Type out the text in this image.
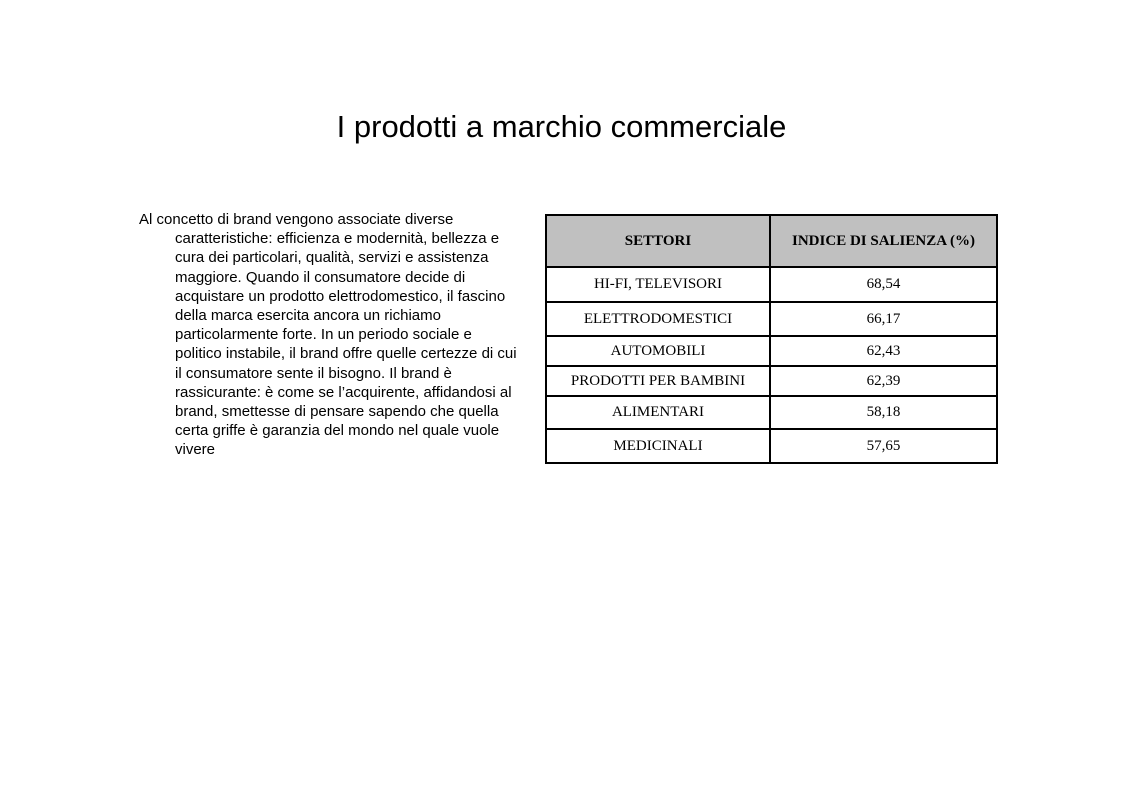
I prodotti a marchio commerciale

Al concetto di brand vengono associate diverse caratteristiche: efficienza e modernità, bellezza e cura dei particolari, qualità, servizi e assistenza maggiore. Quando il consumatore decide di acquistare un prodotto elettrodomestico, il fascino della marca esercita ancora un richiamo particolarmente forte. In un periodo sociale e politico instabile, il brand offre quelle certezze di cui il consumatore sente il bisogno. Il brand è rassicurante: è come se l’acquirente, affidandosi al brand, smettesse di pensare sapendo che quella certa griffe è garanzia del mondo nel quale vuole vivere

SETTORI	INDICE DI SALIENZA (%)
HI-FI, TELEVISORI	68,54
ELETTRODOMESTICI	66,17
AUTOMOBILI	62,43
PRODOTTI PER BAMBINI	62,39
ALIMENTARI	58,18
MEDICINALI	57,65
